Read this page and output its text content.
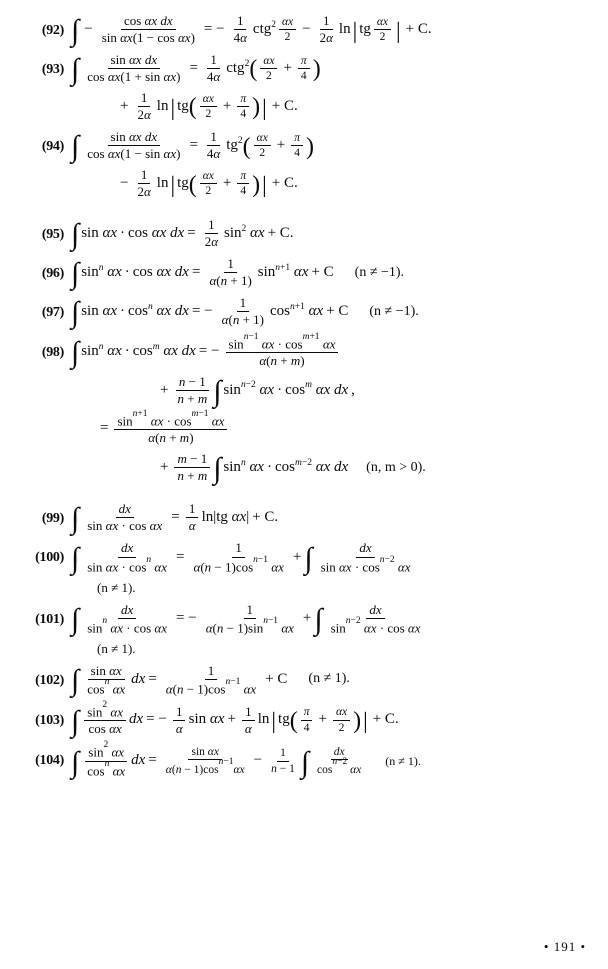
(92) ∫ − $\frac{\text{cos αx dx}}{\text{sin αx(1 − cos αx)}}$ = − $\frac{1}{4\alpha}$ ctg $2 \frac{\alpha x}{2} - \frac{1}{2\alpha}$ ln | tg $\frac{\alpha x}{2}$ | + C.
(93) ∫ $\frac{\text{sin αx dx}}{\text{cos αx(1 + sin αx)}} = \frac{1}{4\alpha}$ ctg 2 ( $\frac{\alpha x}{2} + \frac{\pi}{4}$ )
+ $\frac{1}{2\alpha}$ ln | tg ( $\frac{\alpha x}{2} + \frac{\pi}{4}$ ) | + C.
(94) ∫ $\frac{\text{sin αx dx}}{\text{cos αx(1 − sin αx)}} = \frac{1}{4\alpha}$ tg 2 ( $\frac{\alpha x}{2} + \frac{\pi}{4}$ )
− $\frac{1}{2\alpha}$ ln | tg ( $\frac{\alpha x}{2} + \frac{\pi}{4}$ ) | + C.
(95) ∫ sin
αx · cos
αx dx = $\frac{1}{2\alpha}$ sin 2
αx + C.
(96) ∫ sin n
αx · cos
αx dx = $\frac{1}{\alpha(n + 1)}$ sin n+1
αx + C	(n ≠ −1).
(97) ∫ sin
αx · cos n
αx dx = − $\frac{1}{\alpha(n + 1)}$ cos n+1
αx + C	(n ≠ −1).
(98) ∫ sin n
αx · cos m
αx dx = − $\frac{\sin^{n-1} \alpha x \cdot \cos^{m+1} \alpha x}{\alpha(n + m)}$
+ $\frac{n - 1}{n + m}$ ∫ sin n−2
αx · cos m
αx dx ,
= $\frac{\sin^{n+1} \alpha x \cdot \cos^{m-1} \alpha x}{\alpha(n + m)}$
+ $\frac{m - 1}{n + m}$ ∫ sin n
αx · cos m−2
αx dx	(n, m > 0).
(99) ∫ $\frac{dx}{\text{sin αx · cos αx}} = \frac{1}{\alpha}$ ln | tg
αx | + C.
(100) ∫ $\frac{dx}{\sin \alpha x \cdot \cos^n \alpha x} = \frac{1}{\alpha(n - 1)\cos^{n-1} \alpha x}$ + ∫ $\frac{dx}{\sin \alpha x \cdot \cos^{n-2} \alpha x}$
(n ≠ 1).
(101) ∫ $\frac{dx}{\sin^n \alpha x \cdot \cos \alpha x}$ = − $\frac{1}{\alpha(n - 1)\sin^{n-1} \alpha x}$ + ∫ $\frac{dx}{\sin^{n-2} \alpha x \cdot \cos \alpha x}$
(n ≠ 1).
(102) ∫ $\frac{\text{sin αx}}{\cos^n \alpha x}$ dx = $\frac{1}{\alpha(n - 1)\cos^{n-1} \alpha x} + C$	(n ≠ 1).
(103) ∫ $\frac{\sin^2 \alpha x}{\text{cos αx}}$ dx = − $\frac{1}{\alpha}$ sin
$\alpha x + \frac{1}{\alpha}$ ln | tg ( $\frac{\pi}{4} + \frac{\alpha x}{2}$ ) | + C.
(104) ∫ $\frac{\sin^2 \alpha x}{\cos^n \alpha x}$ dx = $\frac{\text{sin αx}}{\alpha(n - 1)\cos^{n-1}\alpha x} - \frac{1}{n - 1}$ ∫ $\frac{dx}{\cos^{n-2} \alpha x}$	(n ≠ 1).
• 191 •
